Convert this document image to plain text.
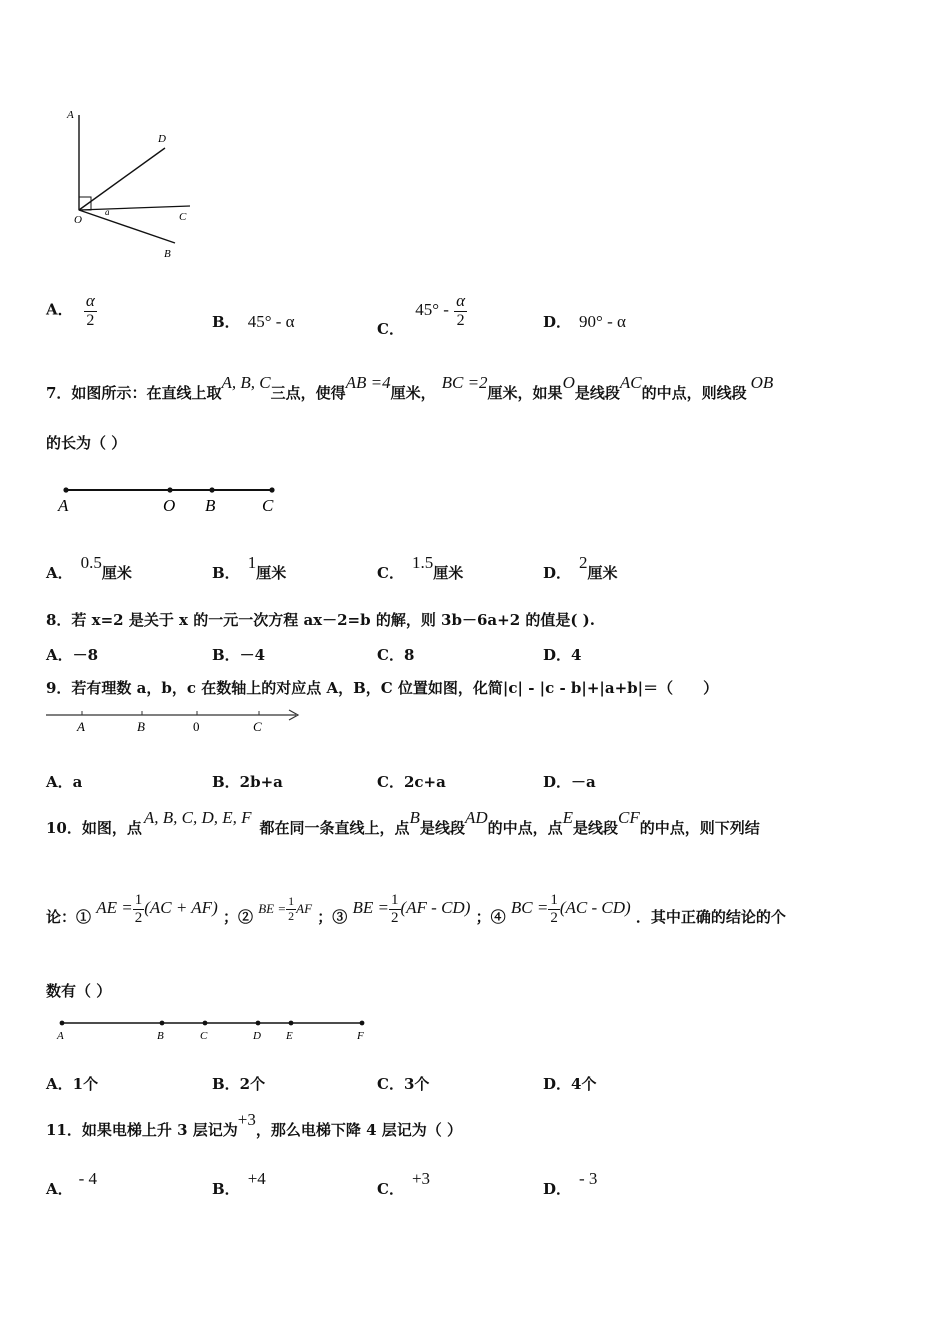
A
D
O
a	C
B
A． $\frac{\alpha}{2}$	B． 45° - α	C． $45^\circ - \frac{\alpha}{2}$	D． 90° - α
7．如图所示：在直线上取A, B, C三点，使得AB =4厘米，BC =2厘米，如果O是线段AC的中点，则线段OB
的长为（ ）
A	O B	C
A．0.5厘米	B．1厘米	C．1.5厘米	D．2厘米
8．若 x=2 是关于 x 的一元一次方程 ax－2=b 的解，则 3b－6a+2 的值是( ).
A．－8	B．－4	C．8	D．4
9．若有理数 a，b，c 在数轴上的对应点 A，B，C 位置如图，化简|c| - |c - b|+|a+b|＝（　　）
A	B	0	C
A．a	B．2b+a	C．2c+a	D．－a
10．如图，点A, B, C, D, E, F都在同一条直线上，点B是线段AD的中点，点E是线段CF的中点，则下列结
论：① AE = $\frac{1}{2} (AC + AF)$ ；② BE = $\frac{1}{2}$ AF ；③ BE = $\frac{1}{2} (AF - CD)$ ；④ BC = $\frac{1}{2} (AC - CD)$ ．其中正确的结论的个
数有（ ）
A	B	C	D E	F
A．1个	B．2个	C．3个	D．4个
11．如果电梯上升 3 层记为+3，那么电梯下降 4 层记为（ ）
A．- 4
B．+4
C．+3
D．- 3
